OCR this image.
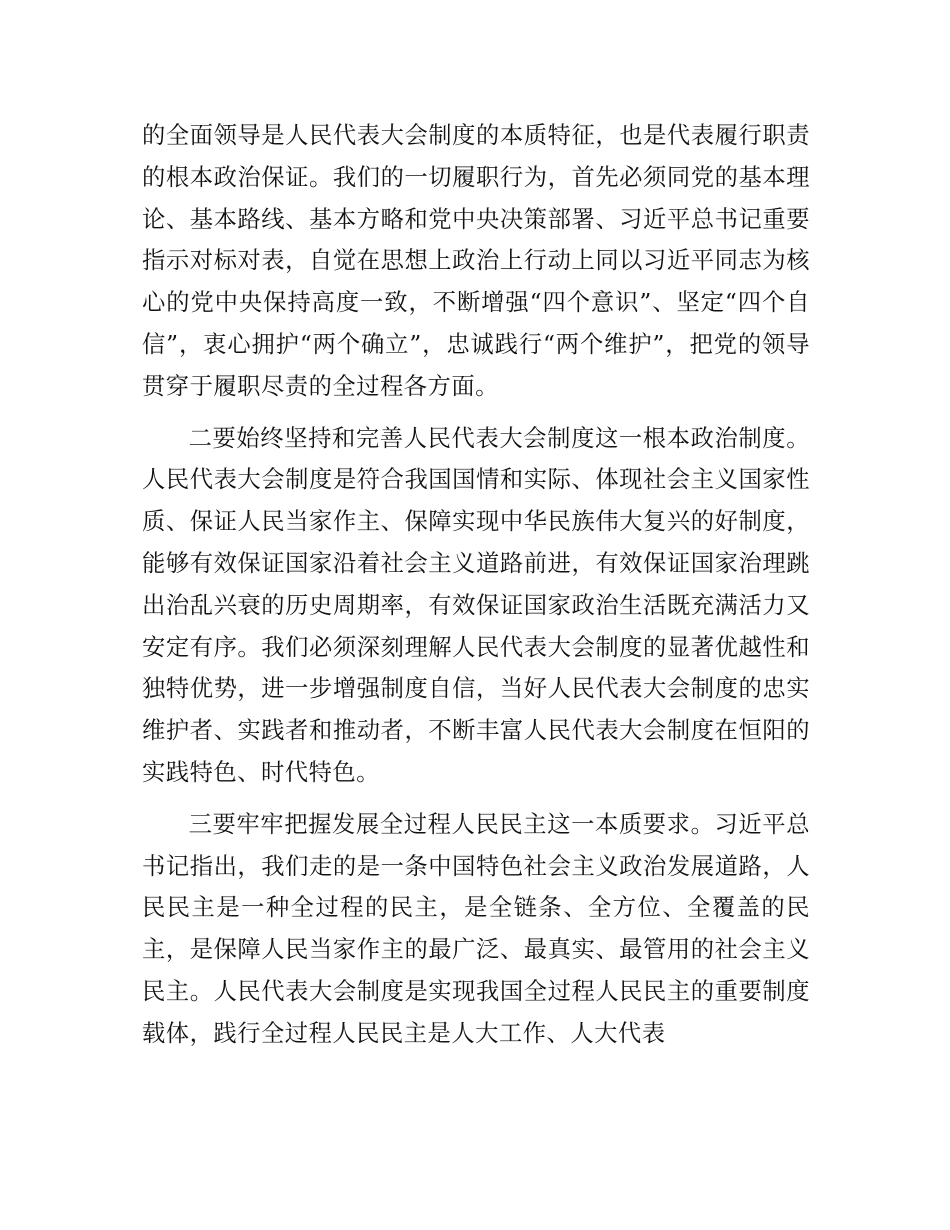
的全面领导是人民代表大会制度的本质特征，也是代表履行职责的根本政治保证。我们的一切履职行为，首先必须同党的基本理论、基本路线、基本方略和党中央决策部署、习近平总书记重要指示对标对表，自觉在思想上政治上行动上同以习近平同志为核心的党中央保持高度一致，不断增强“四个意识”、坚定“四个自信”，衷心拥护“两个确立”，忠诚践行“两个维护”，把党的领导贯穿于履职尽责的全过程各方面。

二要始终坚持和完善人民代表大会制度这一根本政治制度。人民代表大会制度是符合我国国情和实际、体现社会主义国家性质、保证人民当家作主、保障实现中华民族伟大复兴的好制度，能够有效保证国家沿着社会主义道路前进，有效保证国家治理跳出治乱兴衰的历史周期率，有效保证国家政治生活既充满活力又安定有序。我们必须深刻理解人民代表大会制度的显著优越性和独特优势，进一步增强制度自信，当好人民代表大会制度的忠实维护者、实践者和推动者，不断丰富人民代表大会制度在恒阳的实践特色、时代特色。

三要牢牢把握发展全过程人民民主这一本质要求。习近平总书记指出，我们走的是一条中国特色社会主义政治发展道路，人民民主是一种全过程的民主，是全链条、全方位、全覆盖的民主，是保障人民当家作主的最广泛、最真实、最管用的社会主义民主。人民代表大会制度是实现我国全过程人民民主的重要制度载体，践行全过程人民民主是人大工作、人大代表
